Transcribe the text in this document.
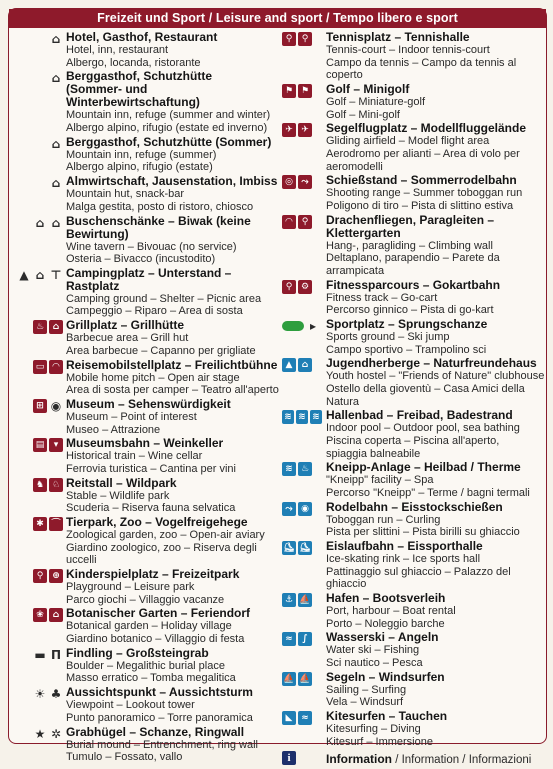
Freizeit und Sport / Leisure and sport / Tempo libero e sport
⌂ Hotel, Gasthof, Restaurant
Hotel, inn, restaurant
Albergo, locanda, ristorante
⌂ Berggasthof, Schutzhütte
(Sommer- und Winterbewirtschaftung)
Mountain inn, refuge (summer and winter)
Albergo alpino, rifugio (estate ed inverno)
⌂ Berggasthof, Schutzhütte (Sommer)
Mountain inn, refuge (summer)
Albergo alpino, rifugio (estate)
⌂ Almwirtschaft, Jausenstation, Imbiss
Mountain hut, snack-bar
Malga gestita, posto di ristoro, chiosco
⌂ ⌂ Buschenschänke – Biwak (keine Bewirtung)
Wine tavern – Bivouac (no service)
Osteria – Bivacco (incustodito)
▲ ⌂ ⊤ Campingplatz – Unterstand – Rastplatz
Camping ground – Shelter – Picnic area
Campeggio – Riparo – Area di sosta
♨ ⌂ Grillplatz – Grillhütte
Barbecue area – Grill hut
Area barbecue – Capanno per grigliate
▭ ◠ Reisemobilstellplatz – Freilichtbühne
Mobile home pitch – Open air stage
Area di sosta per camper – Teatro all'aperto
⊞ ◉ Museum – Sehenswürdigkeit
Museum – Point of interest
Museo – Attrazione
▤	▾ Museumsbahn – Weinkeller
Historical train – Wine cellar
Ferrovia turistica – Cantina per vini
♞ ♘ Reitstall – Wildpark
Stable – Wildlife park
Scuderia – Riserva fauna selvatica
✱ ⌒ Tierpark, Zoo – Vogelfreigehege
Zoological garden, zoo – Open-air aviary
Giardino zoologico, zoo – Riserva degli uccelli
⚲ ⊕ Kinderspielplatz – Freizeitpark
Playground – Leisure park
Parco giochi – Villaggio vacanze
❀	⌂ Botanischer Garten – Feriendorf
Botanical garden – Holiday village
Giardino botanico – Villaggio di festa
▬ Π Findling – Großsteingrab
Boulder – Megalithic burial place
Masso erratico – Tomba megalitica
☀ ♣ Aussichtspunkt – Aussichtsturm
Viewpoint – Lookout tower
Punto panoramico – Torre panoramica
★ ✲ Grabhügel – Schanze, Ringwall
Burial mound – Entrenchment, ring wall
Tumulo – Fossato, vallo
⚲	⚲	Tennisplatz – Tennishalle
Tennis-court – Indoor tennis-court
Campo da tennis – Campo da tennis al coperto
⚑ ⚑ Golf – Minigolf
Golf – Miniature-golf
Golf – Mini-golf
✈ ✈ Segelflugplatz – Modellfluggelände
Gliding airfield – Model flight area
Aerodromo per alianti – Area di volo per
aeromodelli
◎ ⤳ Schießstand – Sommerrodelbahn
Shooting range – Summer toboggan run
Poligono di tiro – Pista di slittino estiva
◠	⚲	Drachenfliegen, Paragleiten – Klettergarten
Hang-, paragliding – Climbing wall
Deltaplano, parapendio – Parete da arrampicata
⚲ ⚙ Fitnessparcours – Gokartbahn
Fitness track – Go-cart
Percorso ginnico – Pista di go-kart
▸ Sportplatz – Sprungschanze
Sports ground – Ski jump
Campo sportivo – Trampolino sci
▲	⌂	Jugendherberge – Naturfreundehaus
Youth hostel – "Friends of Nature" clubhouse
Ostello della gioventù – Casa Amici della Natura
≋ ≋ ≋ Hallenbad – Freibad, Badestrand
Indoor pool – Outdoor pool, sea bathing
Piscina coperta – Piscina all'aperto,
spiaggia balneabile
≋ ♨ Kneipp-Anlage – Heilbad / Therme
"Kneipp" facility – Spa
Percorso "Kneipp" – Terme / bagni termali
⤳ ◉ Rodelbahn – Eisstockschießen
Toboggan run – Curling
Pista per slittini – Pista birilli su ghiaccio
⛸ ⛸ Eislaufbahn – Eissporthalle
Ice-skating rink – Ice sports hall
Pattinaggio sul ghiaccio – Palazzo del ghiaccio
⚓ ⛵ Hafen – Bootsverleih
Port, harbour – Boat rental
Porto – Noleggio barche
≈	∫	Wasserski – Angeln
Water ski – Fishing
Sci nautico – Pesca
⛵ ⛵ Segeln – Windsurfen
Sailing – Surfing
Vela – Windsurf
◣ ≈ Kitesurfen – Tauchen
Kitesurfing – Diving
Kitesurf – Immersione
i	Information / Information / Informazioni
